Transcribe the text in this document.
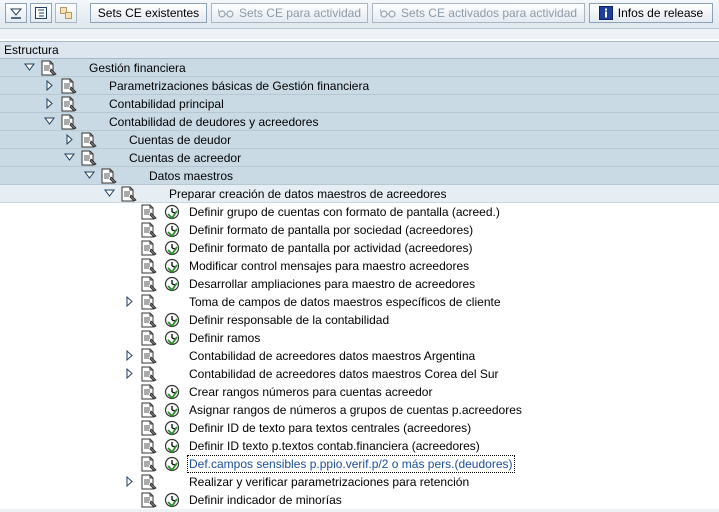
Sets CE existentes	Sets CE para actividad	Sets CE activados para actividad	Infos de release
Estructura
Gestión financiera
Parametrizaciones básicas de Gestión financiera
Contabilidad principal
Contabilidad de deudores y acreedores
Cuentas de deudor
Cuentas de acreedor
Datos maestros
Preparar creación de datos maestros de acreedores
Definir grupo de cuentas con formato de pantalla (acreed.)
Definir formato de pantalla por sociedad (acreedores)
Definir formato de pantalla por actividad (acreedores)
Modificar control mensajes para maestro acreedores
Desarrollar ampliaciones para maestro de acreedores
Toma de campos de datos maestros específicos de cliente
Definir responsable de la contabilidad
Definir ramos
Contabilidad de acreedores datos maestros Argentina
Contabilidad de acreedores datos maestros Corea del Sur
Crear rangos números para cuentas acreedor
Asignar rangos de números a grupos de cuentas p.acreedores
Definir ID de texto para textos centrales (acreedores)
Definir ID texto p.textos contab.financiera (acreedores)
Def.campos sensibles p.ppio.verif.p/2 o más pers.(deudores)
Realizar y verificar parametrizaciones para retención
Definir indicador de minorías
